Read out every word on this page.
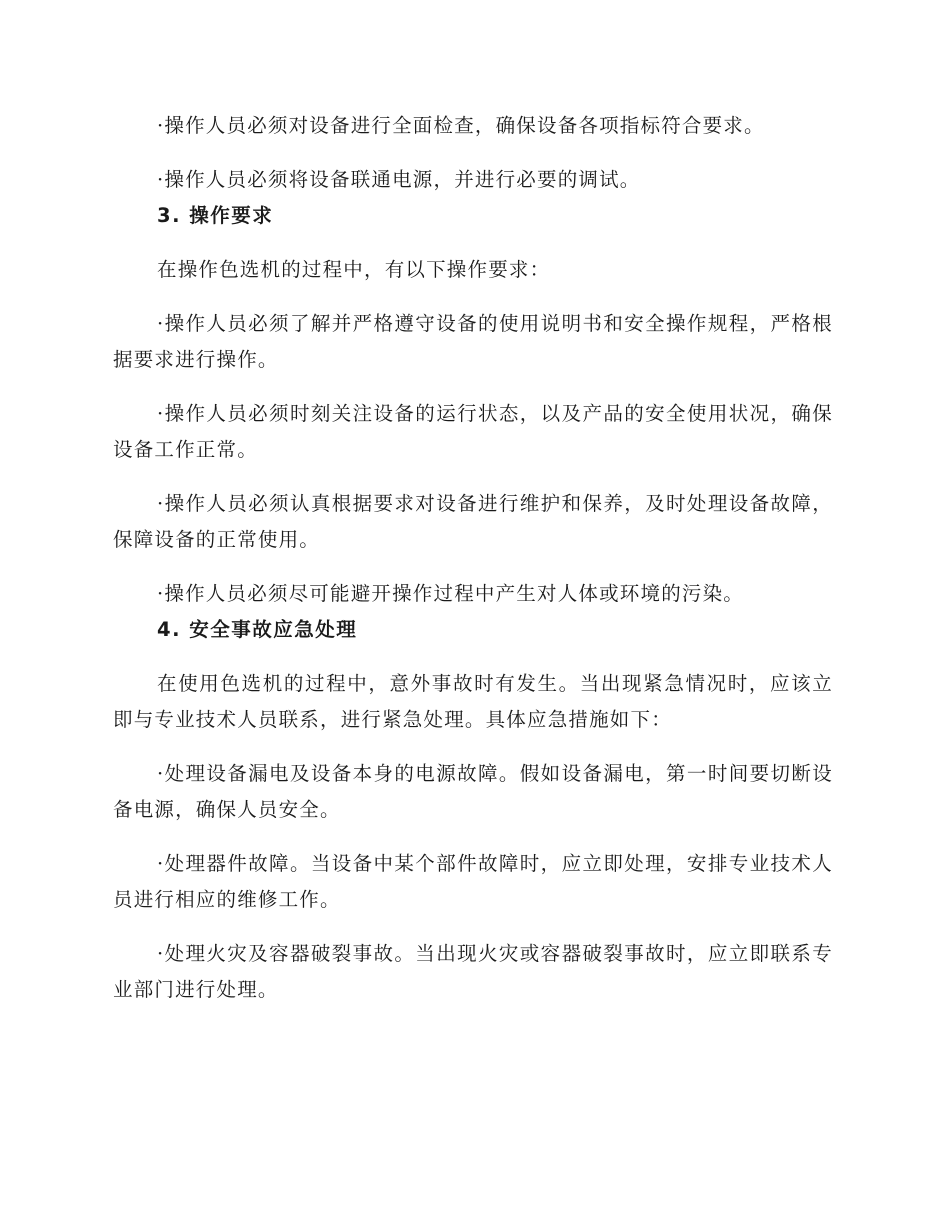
·操作人员必须对设备进行全面检查，确保设备各项指标符合要求。

·操作人员必须将设备联通电源，并进行必要的调试。

3. 操作要求

在操作色选机的过程中，有以下操作要求：

·操作人员必须了解并严格遵守设备的使用说明书和安全操作规程，严格根据要求进行操作。

·操作人员必须时刻关注设备的运行状态，以及产品的安全使用状况，确保设备工作正常。

·操作人员必须认真根据要求对设备进行维护和保养，及时处理设备故障，保障设备的正常使用。

·操作人员必须尽可能避开操作过程中产生对人体或环境的污染。

4. 安全事故应急处理

在使用色选机的过程中，意外事故时有发生。当出现紧急情况时，应该立即与专业技术人员联系，进行紧急处理。具体应急措施如下：

·处理设备漏电及设备本身的电源故障。假如设备漏电，第一时间要切断设备电源，确保人员安全。

·处理器件故障。当设备中某个部件故障时，应立即处理，安排专业技术人员进行相应的维修工作。

·处理火灾及容器破裂事故。当出现火灾或容器破裂事故时，应立即联系专业部门进行处理。
